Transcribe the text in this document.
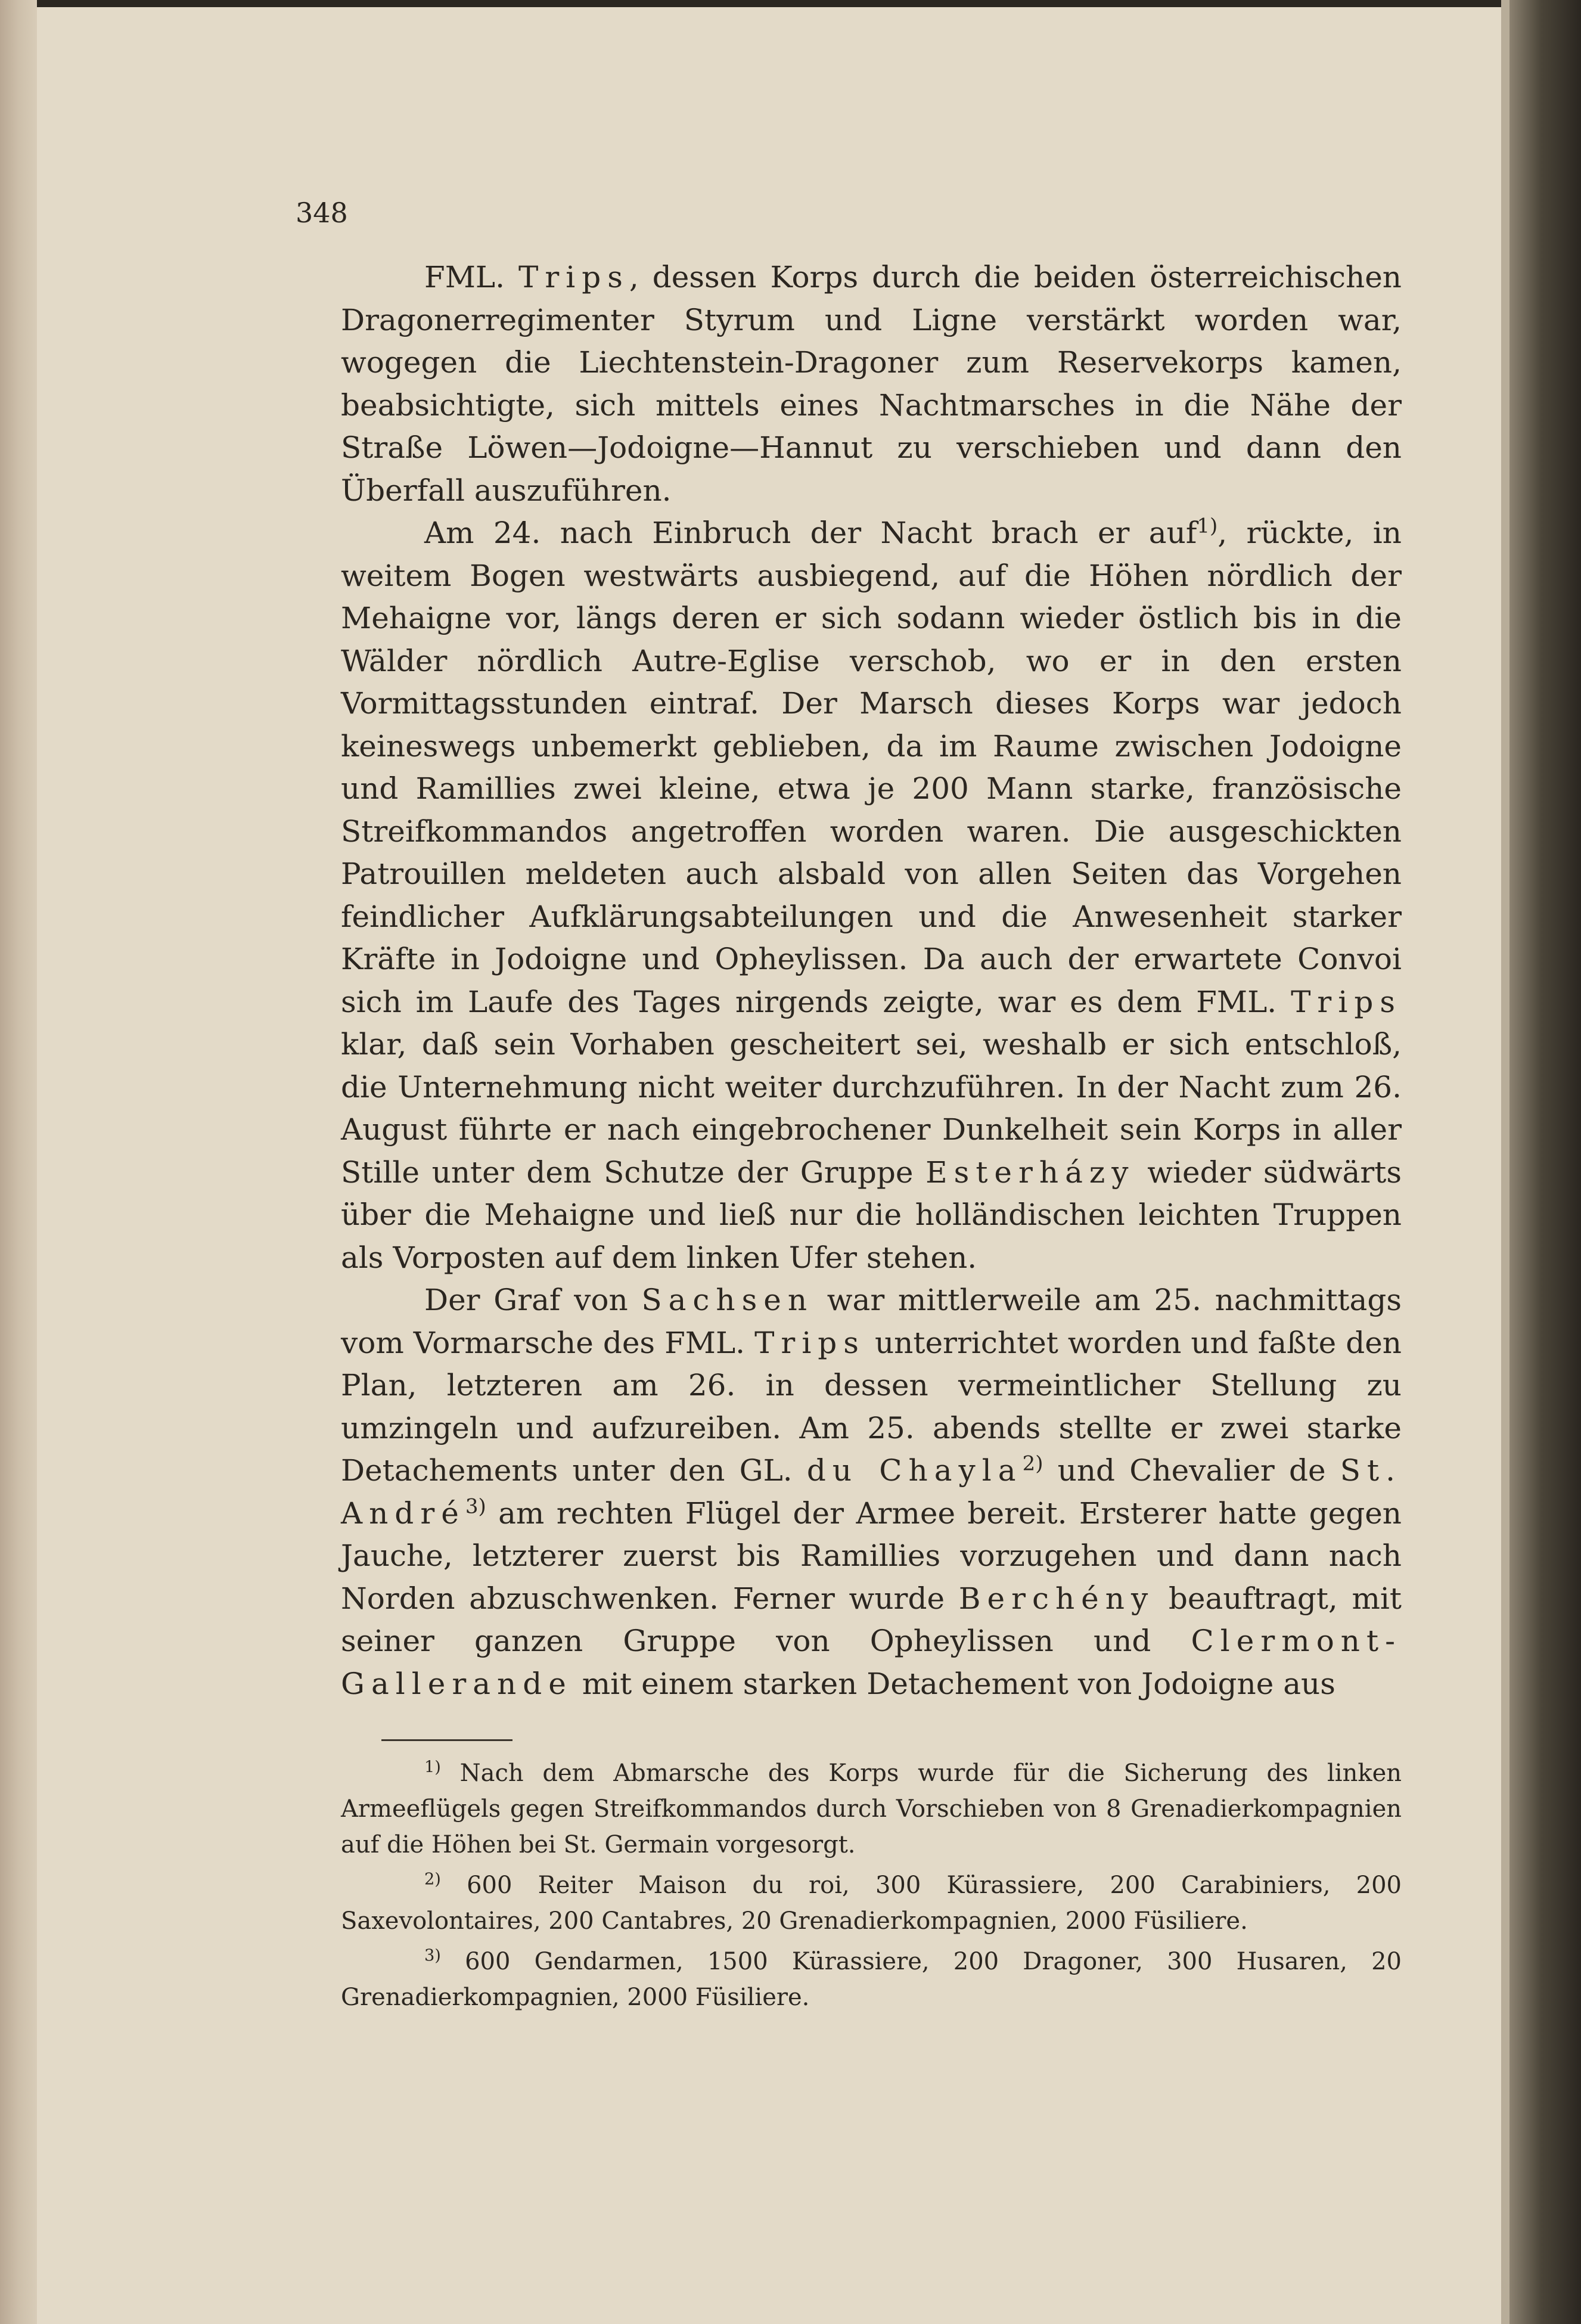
348

FML. Trips, dessen Korps durch die beiden österreichischen Dragonerregimenter Styrum und Ligne verstärkt worden war, wogegen die Liechtenstein-Dragoner zum Reservekorps kamen, beabsichtigte, sich mittels eines Nachtmarsches in die Nähe der Straße Löwen—Jodoigne—Hannut zu verschieben und dann den Überfall auszuführen.

Am 24. nach Einbruch der Nacht brach er auf$^{1)}$, rückte, in weitem Bogen westwärts ausbiegend, auf die Höhen nördlich der Mehaigne vor, längs deren er sich sodann wieder östlich bis in die Wälder nördlich Autre-Eglise verschob, wo er in den ersten Vormittagsstunden eintraf. Der Marsch dieses Korps war jedoch keineswegs unbemerkt geblieben, da im Raume zwischen Jodoigne und Ramillies zwei kleine, etwa je 200 Mann starke, französische Streifkommandos angetroffen worden waren. Die ausgeschickten Patrouillen meldeten auch alsbald von allen Seiten das Vorgehen feindlicher Aufklärungsabteilungen und die Anwesenheit starker Kräfte in Jodoigne und Opheylissen. Da auch der erwartete Convoi sich im Laufe des Tages nirgends zeigte, war es dem FML. Trips klar, daß sein Vorhaben gescheitert sei, weshalb er sich entschloß, die Unternehmung nicht weiter durchzuführen. In der Nacht zum 26. August führte er nach eingebrochener Dunkelheit sein Korps in aller Stille unter dem Schutze der Gruppe Esterházy wieder südwärts über die Mehaigne und ließ nur die holländischen leichten Truppen als Vorposten auf dem linken Ufer stehen.

Der Graf von Sachsen war mittlerweile am 25. nachmittags vom Vormarsche des FML. Trips unterrichtet worden und faßte den Plan, letzteren am 26. in dessen vermeintlicher Stellung zu umzingeln und aufzureiben. Am 25. abends stellte er zwei starke Detachements unter den GL. du Chayla$^{2)}$ und Chevalier de St. André$^{3)}$ am rechten Flügel der Armee bereit. Ersterer hatte gegen Jauche, letzterer zuerst bis Ramillies vorzugehen und dann nach Norden abzuschwenken. Ferner wurde Berchény beauftragt, mit seiner ganzen Gruppe von Opheylissen und Clermont-Gallerande mit einem starken Detachement von Jodoigne aus

$^{1)}$ Nach dem Abmarsche des Korps wurde für die Sicherung des linken Armeeflügels gegen Streifkommandos durch Vorschieben von 8 Grenadierkompagnien auf die Höhen bei St. Germain vorgesorgt.

$^{2)}$ 600 Reiter Maison du roi, 300 Kürassiere, 200 Carabiniers, 200 Saxevolontaires, 200 Cantabres, 20 Grenadierkompagnien, 2000 Füsiliere.

$^{3)}$ 600 Gendarmen, 1500 Kürassiere, 200 Dragoner, 300 Husaren, 20 Grenadierkompagnien, 2000 Füsiliere.
